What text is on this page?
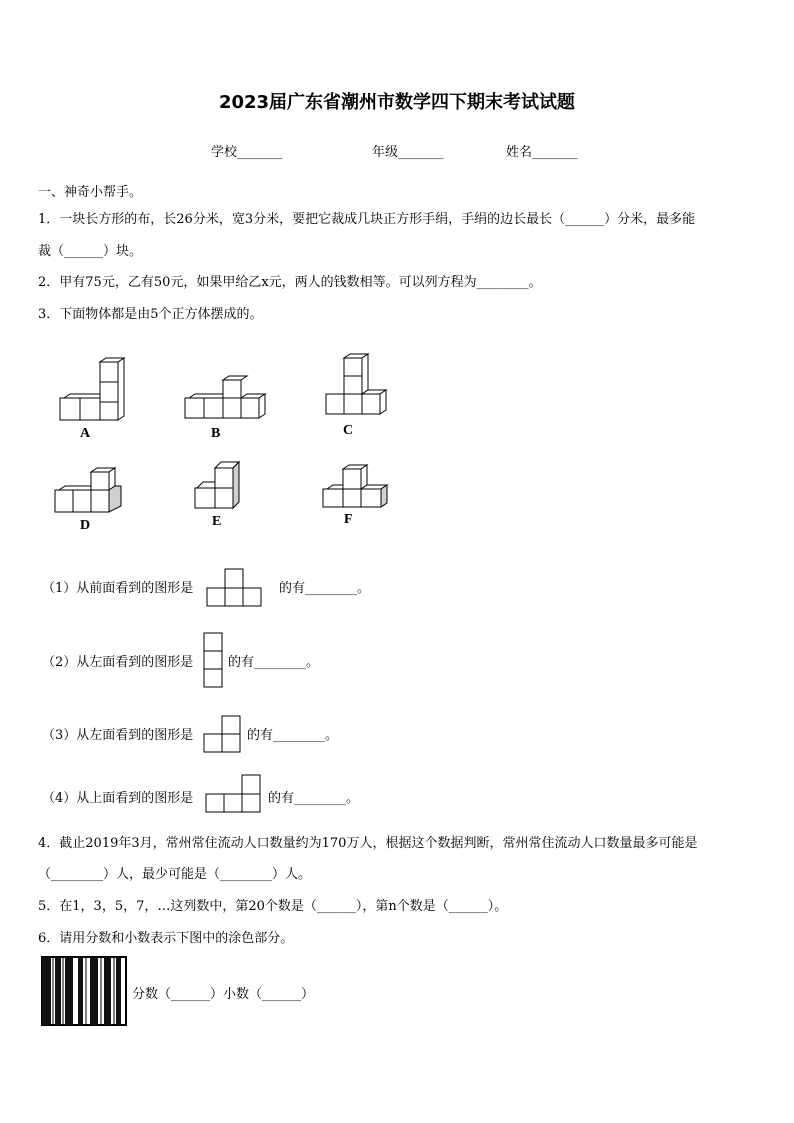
2023届广东省潮州市数学四下期末考试试题
学校_______	年级_______	姓名_______
一、神奇小帮手。
1．一块长方形的布，长26分米，宽3分米，要把它裁成几块正方形手绢，手绢的边长最长（______）分米，最多能
裁（______）块。
2．甲有75元，乙有50元，如果甲给乙x元，两人的钱数相等。可以列方程为________。
3．下面物体都是由5个正方体摆成的。
A	B	C
D	E	F
（1）从前面看到的图形是	的有________。
（2）从左面看到的图形是	的有________。
（3）从左面看到的图形是	的有________。
（4）从上面看到的图形是	的有________。
4．截止2019年3月，常州常住流动人口数量约为170万人，根据这个数据判断，常州常住流动人口数量最多可能是
（________）人，最少可能是（________）人。
5．在1，3，5，7，…这列数中，第20个数是（______），第n个数是（______）。
6．请用分数和小数表示下图中的涂色部分。
分数（______）小数（______）
